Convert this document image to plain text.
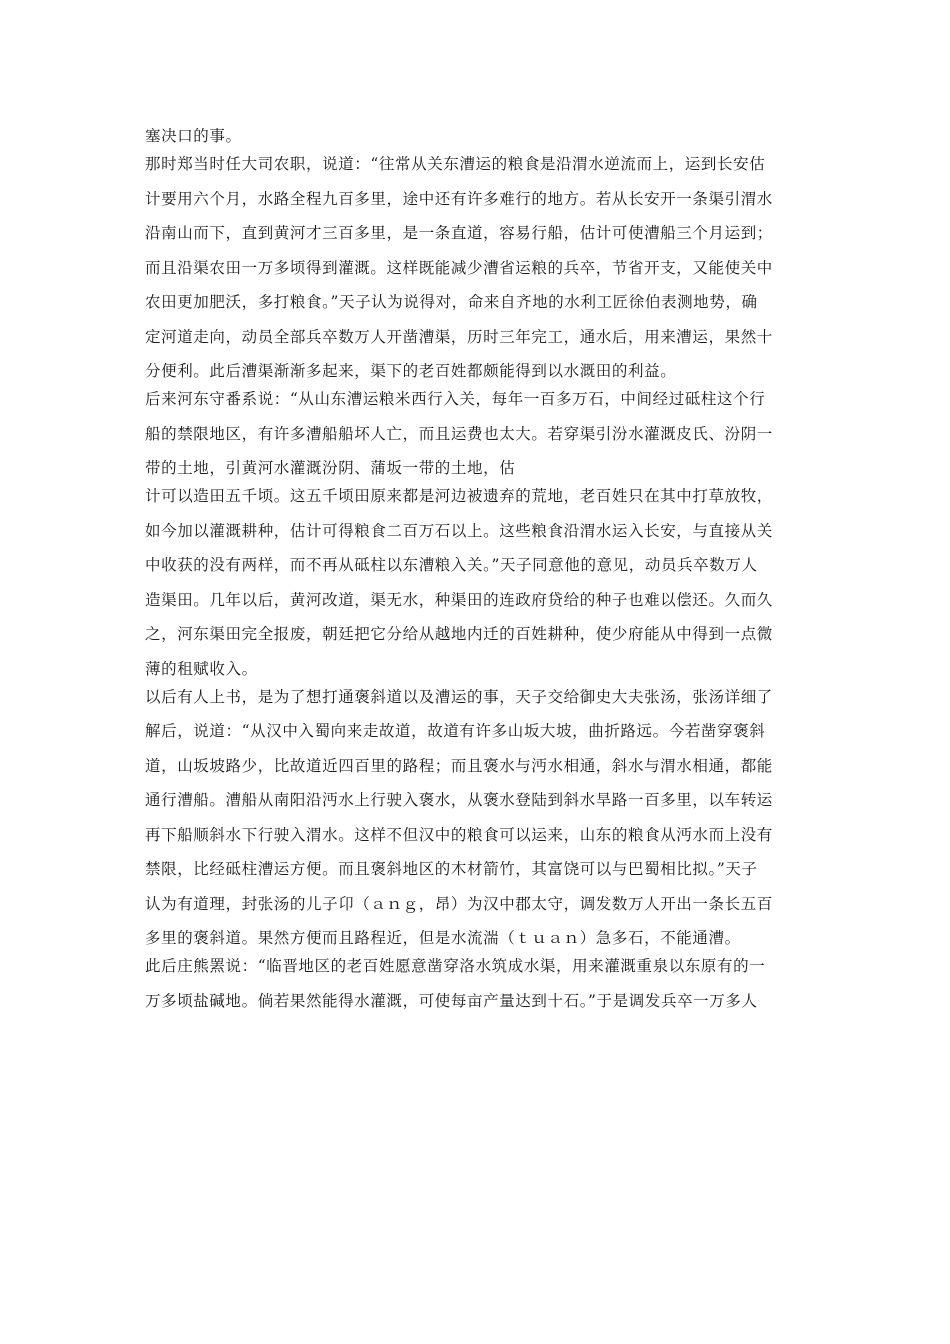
塞决口的事。
那时郑当时任大司农职，说道：“往常从关东漕运的粮食是沿渭水逆流而上，运到长安估
计要用六个月，水路全程九百多里，途中还有许多难行的地方。若从长安开一条渠引渭水
沿南山而下，直到黄河才三百多里，是一条直道，容易行船，估计可使漕船三个月运到；
而且沿渠农田一万多顷得到灌溉。这样既能减少漕省运粮的兵卒，节省开支，又能使关中
农田更加肥沃，多打粮食。”天子认为说得对，命来自齐地的水利工匠徐伯表测地势，确
定河道走向，动员全部兵卒数万人开凿漕渠，历时三年完工，通水后，用来漕运，果然十
分便利。此后漕渠渐渐多起来，渠下的老百姓都颇能得到以水溉田的利益。
后来河东守番系说：“从山东漕运粮米西行入关，每年一百多万石，中间经过砥柱这个行
船的禁限地区，有许多漕船船坏人亡，而且运费也太大。若穿渠引汾水灌溉皮氏、汾阴一
带的土地，引黄河水灌溉汾阴、蒲坂一带的土地，估
计可以造田五千顷。这五千顷田原来都是河边被遗弃的荒地，老百姓只在其中打草放牧，
如今加以灌溉耕种，估计可得粮食二百万石以上。这些粮食沿渭水运入长安，与直接从关
中收获的没有两样，而不再从砥柱以东漕粮入关。”天子同意他的意见，动员兵卒数万人
造渠田。几年以后，黄河改道，渠无水，种渠田的连政府贷给的种子也难以偿还。久而久
之，河东渠田完全报废，朝廷把它分给从越地内迁的百姓耕种，使少府能从中得到一点微
薄的租赋收入。
以后有人上书，是为了想打通褒斜道以及漕运的事，天子交给御史大夫张汤，张汤详细了
解后，说道：“从汉中入蜀向来走故道，故道有许多山坂大坡，曲折路远。今若凿穿褒斜
道，山坂坡路少，比故道近四百里的路程；而且褒水与沔水相通，斜水与渭水相通，都能
通行漕船。漕船从南阳沿沔水上行驶入褒水，从褒水登陆到斜水旱路一百多里，以车转运
再下船顺斜水下行驶入渭水。这样不但汉中的粮食可以运来，山东的粮食从沔水而上没有
禁限，比经砥柱漕运方便。而且褒斜地区的木材箭竹，其富饶可以与巴蜀相比拟。”天子
认为有道理，封张汤的儿子卬（ａｎｇ，昂）为汉中郡太守，调发数万人开出一条长五百
多里的褒斜道。果然方便而且路程近，但是水流湍（ｔｕａｎ）急多石，不能通漕。
此后庄熊罴说：“临晋地区的老百姓愿意凿穿洛水筑成水渠，用来灌溉重泉以东原有的一
万多顷盐碱地。倘若果然能得水灌溉，可使每亩产量达到十石。”于是调发兵卒一万多人
